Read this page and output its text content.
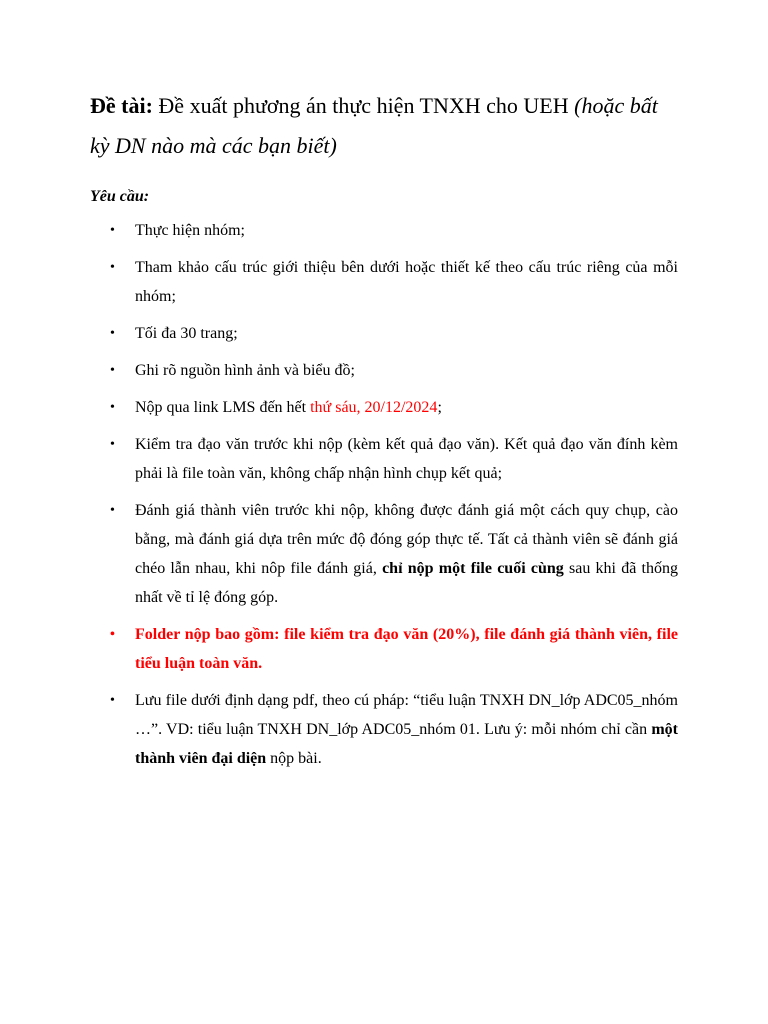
Đề tài: Đề xuất phương án thực hiện TNXH cho UEH (hoặc bất kỳ DN nào mà các bạn biết)

Yêu cầu:

• Thực hiện nhóm;
• Tham khảo cấu trúc giới thiệu bên dưới hoặc thiết kế theo cấu trúc riêng của mỗi nhóm;
• Tối đa 30 trang;
• Ghi rõ nguồn hình ảnh và biểu đồ;
• Nộp qua link LMS đến hết thứ sáu, 20/12/2024;
• Kiểm tra đạo văn trước khi nộp (kèm kết quả đạo văn). Kết quả đạo văn đính kèm phải là file toàn văn, không chấp nhận hình chụp kết quả;
• Đánh giá thành viên trước khi nộp, không được đánh giá một cách quy chụp, cào bằng, mà đánh giá dựa trên mức độ đóng góp thực tế. Tất cả thành viên sẽ đánh giá chéo lẫn nhau, khi nôp file đánh giá, chỉ nộp một file cuối cùng sau khi đã thống nhất về tỉ lệ đóng góp.
• Folder nộp bao gồm: file kiểm tra đạo văn (20%), file đánh giá thành viên, file tiểu luận toàn văn.
• Lưu file dưới định dạng pdf, theo cú pháp: “tiểu luận TNXH DN_lớp ADC05_nhóm …”. VD: tiểu luận TNXH DN_lớp ADC05_nhóm 01. Lưu ý: mỗi nhóm chỉ cần một thành viên đại diện nộp bài.
